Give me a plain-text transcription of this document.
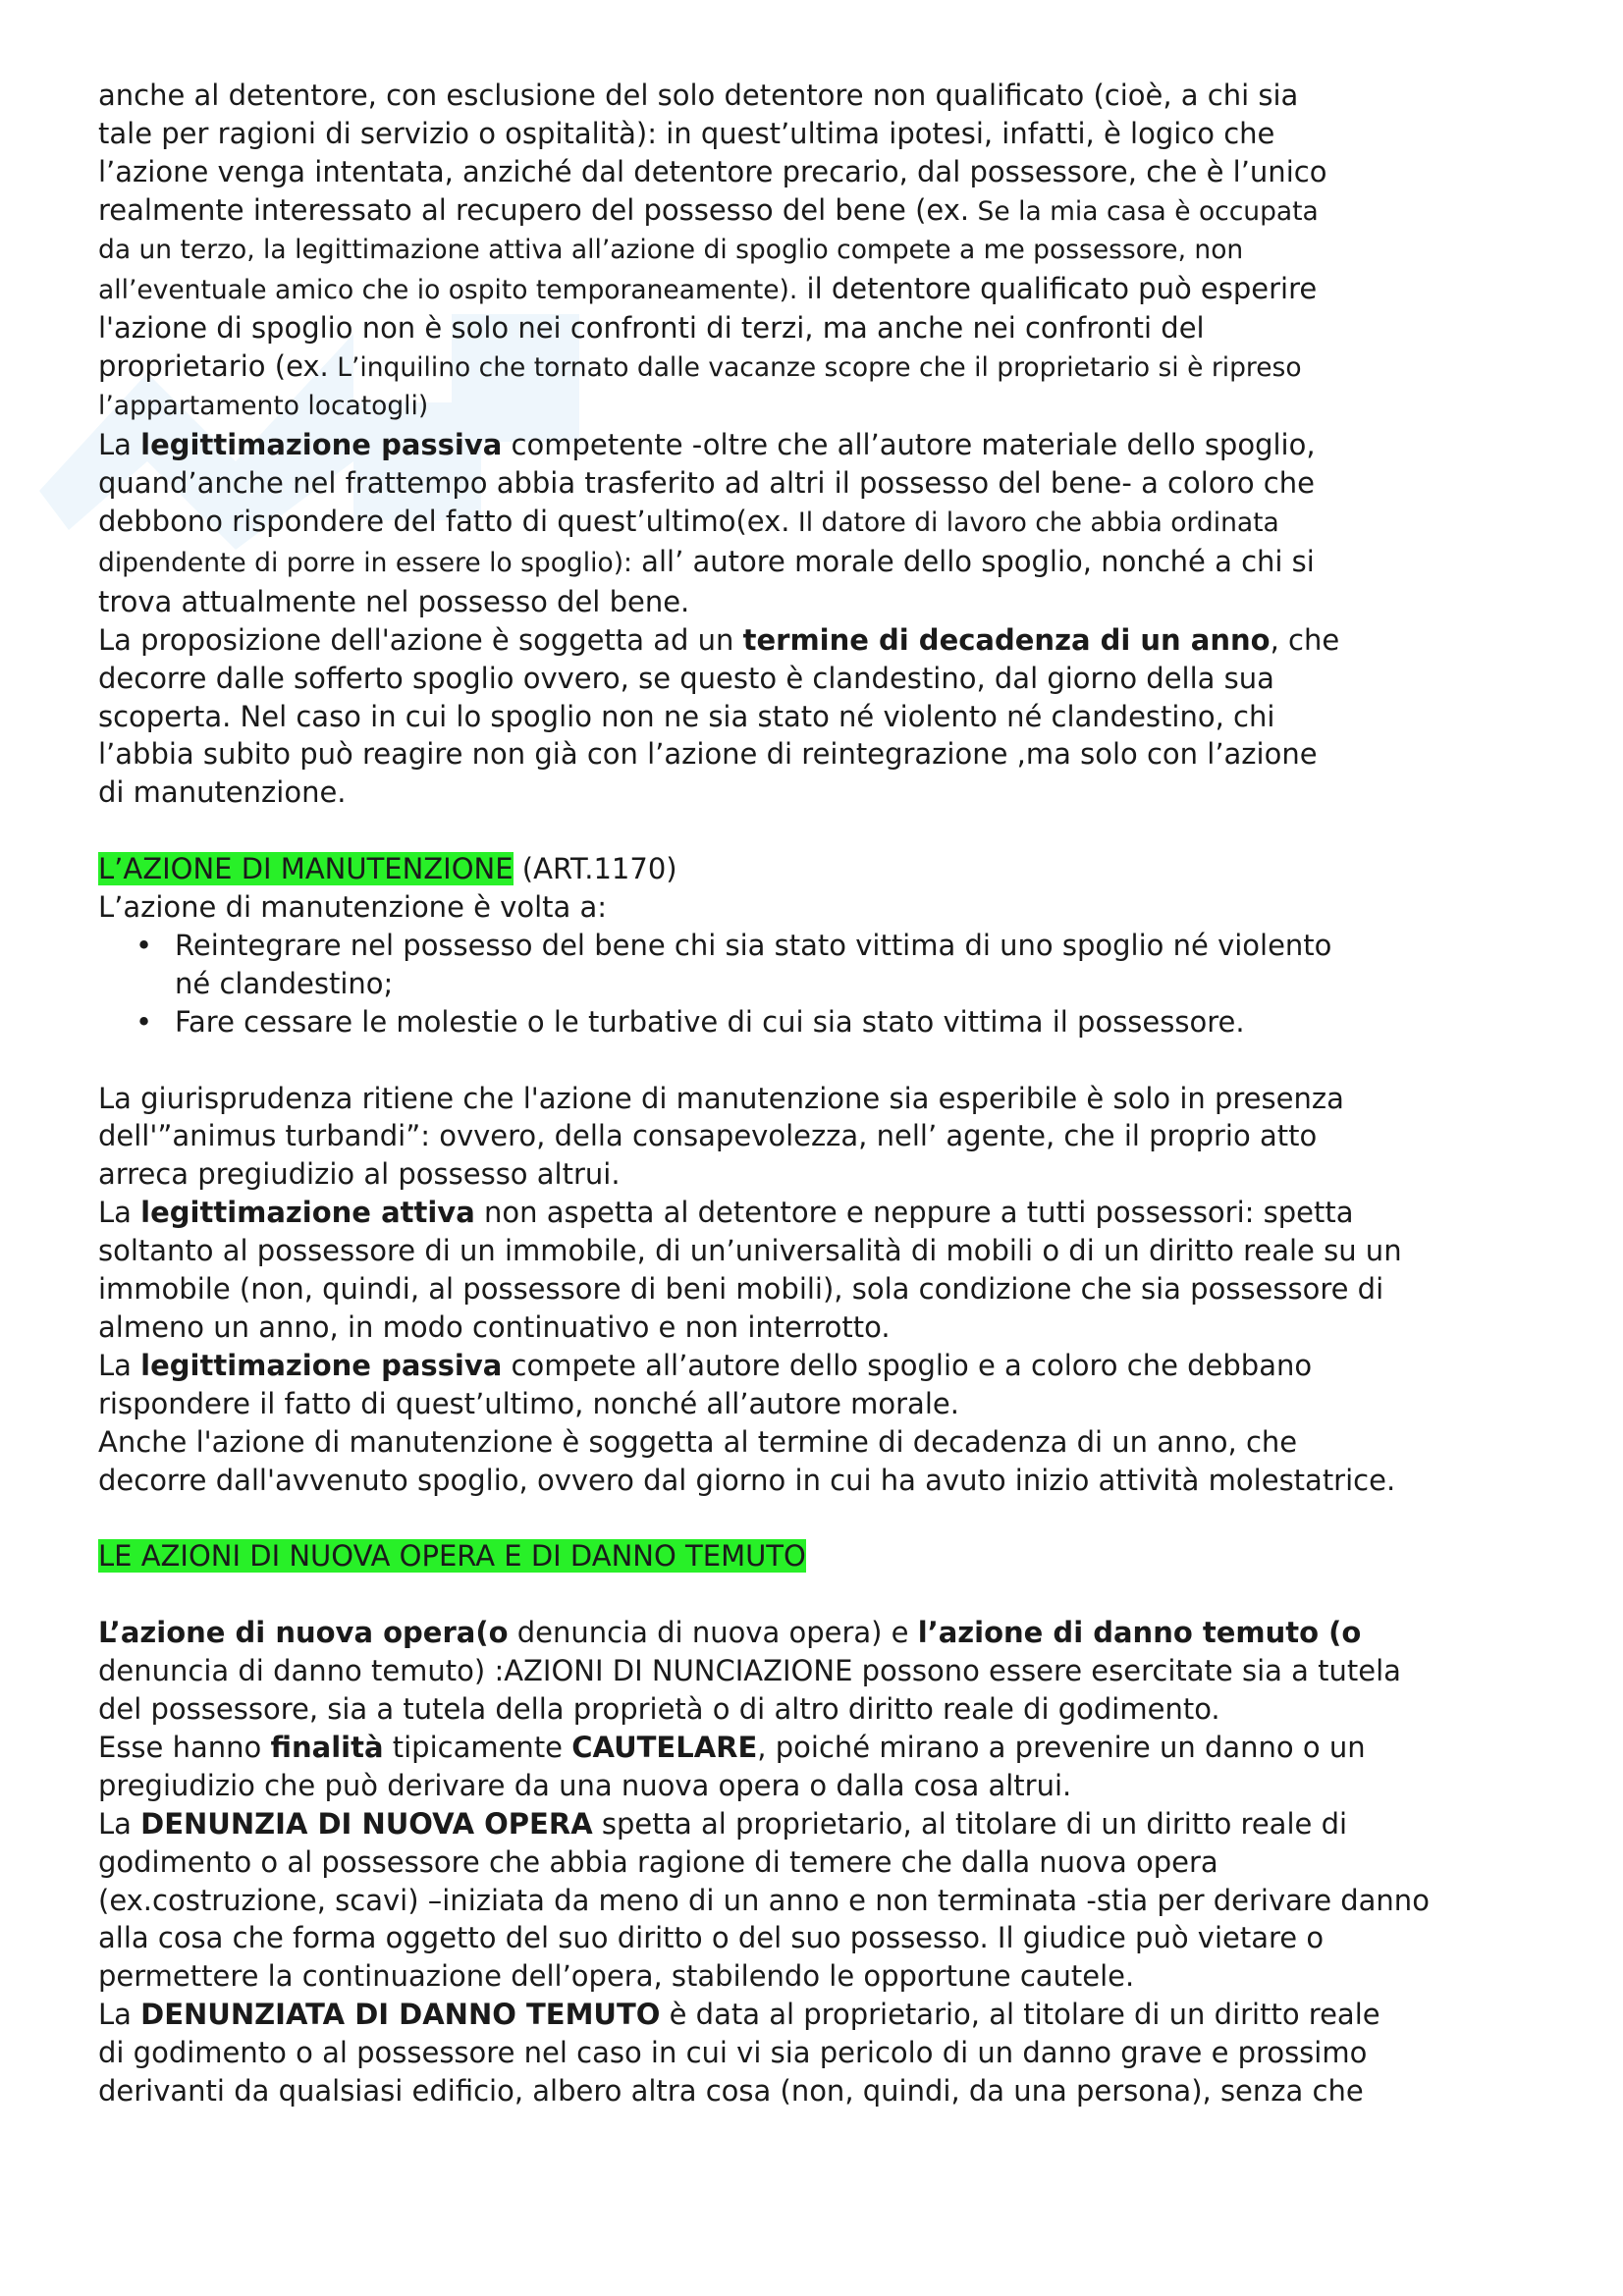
anche al detentore, con esclusione del solo detentore non qualificato (cioè, a chi sia

tale per ragioni di servizio o ospitalità): in quest’ultima ipotesi, infatti, è logico che

l’azione venga intentata, anziché dal detentore precario, dal possessore, che è l’unico

realmente interessato al recupero del possesso del bene (ex. Se la mia casa è occupata

da un terzo, la legittimazione attiva all’azione di spoglio compete a me possessore, non

all’eventuale amico che io ospito temporaneamente). il detentore qualificato può esperire

l'azione di spoglio non è solo nei confronti di terzi, ma anche nei confronti del

proprietario (ex. L’inquilino che tornato dalle vacanze scopre che il proprietario si è ripreso

l’appartamento locatogli)

La legittimazione passiva competente -oltre che all’autore materiale dello spoglio,

quand’anche nel frattempo abbia trasferito ad altri il possesso del bene- a coloro che

debbono rispondere del fatto di quest’ultimo(ex. Il datore di lavoro che abbia ordinata

dipendente di porre in essere lo spoglio): all’ autore morale dello spoglio, nonché a chi si

trova attualmente nel possesso del bene.

La proposizione dell'azione è soggetta ad un termine di decadenza di un anno, che

decorre dalle sofferto spoglio ovvero, se questo è clandestino, dal giorno della sua

scoperta. Nel caso in cui lo spoglio non ne sia stato né violento né clandestino, chi

l’abbia subito può reagire non già con l’azione di reintegrazione ,ma solo con l’azione

di manutenzione.

L’AZIONE DI MANUTENZIONE (ART.1170)

L’azione di manutenzione è volta a:

• Reintegrare nel possesso del bene chi sia stato vittima di uno spoglio né violento
né clandestino;
• Fare cessare le molestie o le turbative di cui sia stato vittima il possessore.

La giurisprudenza ritiene che l'azione di manutenzione sia esperibile è solo in presenza

dell'”animus turbandi”: ovvero, della consapevolezza, nell’ agente, che il proprio atto

arreca pregiudizio al possesso altrui.

La legittimazione attiva non aspetta al detentore e neppure a tutti possessori: spetta

soltanto al possessore di un immobile, di un’universalità di mobili o di un diritto reale su un

immobile (non, quindi, al possessore di beni mobili), sola condizione che sia possessore di

almeno un anno, in modo continuativo e non interrotto.

La legittimazione passiva compete all’autore dello spoglio e a coloro che debbano

rispondere il fatto di quest’ultimo, nonché all’autore morale.

Anche l'azione di manutenzione è soggetta al termine di decadenza di un anno, che

decorre dall'avvenuto spoglio, ovvero dal giorno in cui ha avuto inizio attività molestatrice.

LE AZIONI DI NUOVA OPERA E DI DANNO TEMUTO

L’azione di nuova opera(o denuncia di nuova opera) e l’azione di danno temuto (o

denuncia di danno temuto) :AZIONI DI NUNCIAZIONE possono essere esercitate sia a tutela

del possessore, sia a tutela della proprietà o di altro diritto reale di godimento.

Esse hanno finalità tipicamente CAUTELARE, poiché mirano a prevenire un danno o un

pregiudizio che può derivare da una nuova opera o dalla cosa altrui.

La DENUNZIA DI NUOVA OPERA spetta al proprietario, al titolare di un diritto reale di

godimento o al possessore che abbia ragione di temere che dalla nuova opera

(ex.costruzione, scavi) –iniziata da meno di un anno e non terminata -stia per derivare danno

alla cosa che forma oggetto del suo diritto o del suo possesso. Il giudice può vietare o

permettere la continuazione dell’opera, stabilendo le opportune cautele.

La DENUNZIATA DI DANNO TEMUTO è data al proprietario, al titolare di un diritto reale

di godimento o al possessore nel caso in cui vi sia pericolo di un danno grave e prossimo

derivanti da qualsiasi edificio, albero altra cosa (non, quindi, da una persona), senza che
